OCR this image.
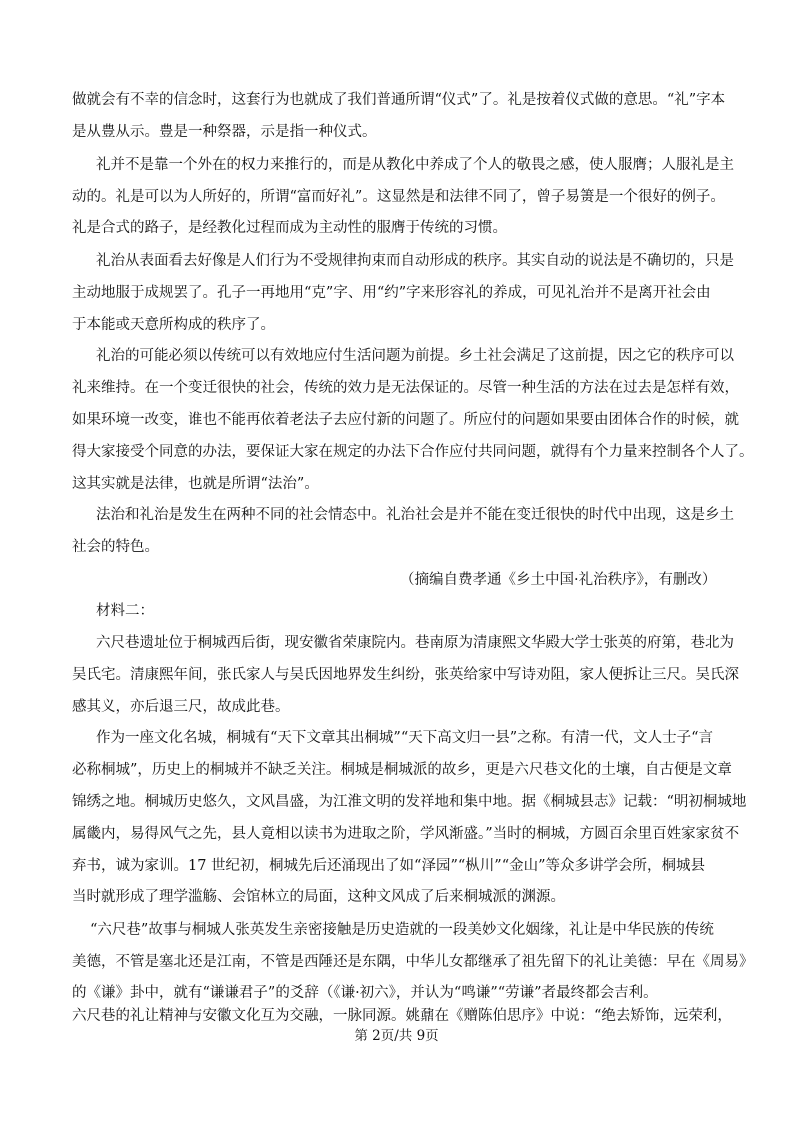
做就会有不幸的信念时，这套行为也就成了我们普通所谓“仪式”了。礼是按着仪式做的意思。“礼”字本
是从豊从示。豊是一种祭器，示是指一种仪式。
礼并不是靠一个外在的权力来推行的，而是从教化中养成了个人的敬畏之感，使人服膺；人服礼是主
动的。礼是可以为人所好的，所谓“富而好礼”。这显然是和法律不同了，曾子易箦是一个很好的例子。
礼是合式的路子，是经教化过程而成为主动性的服膺于传统的习惯。
礼治从表面看去好像是人们行为不受规律拘束而自动形成的秩序。其实自动的说法是不确切的，只是
主动地服于成规罢了。孔子一再地用“克”字、用“约”字来形容礼的养成，可见礼治并不是离开社会由
于本能或天意所构成的秩序了。
礼治的可能必须以传统可以有效地应付生活问题为前提。乡土社会满足了这前提，因之它的秩序可以
礼来维持。在一个变迁很快的社会，传统的效力是无法保证的。尽管一种生活的方法在过去是怎样有效，
如果环境一改变，谁也不能再依着老法子去应付新的问题了。所应付的问题如果要由团体合作的时候，就
得大家接受个同意的办法，要保证大家在规定的办法下合作应付共同问题，就得有个力量来控制各个人了。
这其实就是法律，也就是所谓“法治”。
法治和礼治是发生在两种不同的社会情态中。礼治社会是并不能在变迁很快的时代中出现，这是乡土
社会的特色。
（摘编自费孝通《乡土中国·礼治秩序》，有删改）
材料二：
六尺巷遗址位于桐城西后街，现安徽省荣康院内。巷南原为清康熙文华殿大学士张英的府第，巷北为
吴氏宅。清康熙年间，张氏家人与吴氏因地界发生纠纷，张英给家中写诗劝阻，家人便拆让三尺。吴氏深
感其义，亦后退三尺，故成此巷。
作为一座文化名城，桐城有“天下文章其出桐城”“天下高文归一县”之称。有清一代，文人士子“言
必称桐城”，历史上的桐城并不缺乏关注。桐城是桐城派的故乡，更是六尺巷文化的土壤，自古便是文章
锦绣之地。桐城历史悠久，文风昌盛，为江淮文明的发祥地和集中地。据《桐城县志》记载：“明初桐城地
属畿内，易得风气之先，县人竟相以读书为进取之阶，学风渐盛。”当时的桐城，方圆百余里百姓家家贫不
弃书，诚为家训。17 世纪初，桐城先后还涌现出了如“泽园”“枞川”“金山”等众多讲学会所，桐城县
当时就形成了理学滥觞、会馆林立的局面，这种文风成了后来桐城派的渊源。
“六尺巷”故事与桐城人张英发生亲密接触是历史造就的一段美妙文化姻缘，礼让是中华民族的传统
美德，不管是塞北还是江南，不管是西陲还是东隅，中华儿女都继承了祖先留下的礼让美德：早在《周易》
的《谦》卦中，就有“谦谦君子”的爻辞（《谦·初六》，并认为“鸣谦”“劳谦”者最终都会吉利。
六尺巷的礼让精神与安徽文化互为交融，一脉同源。姚鼐在《赠陈伯思序》中说：“绝去矫饰，远荣利，
第 2页/共 9页
